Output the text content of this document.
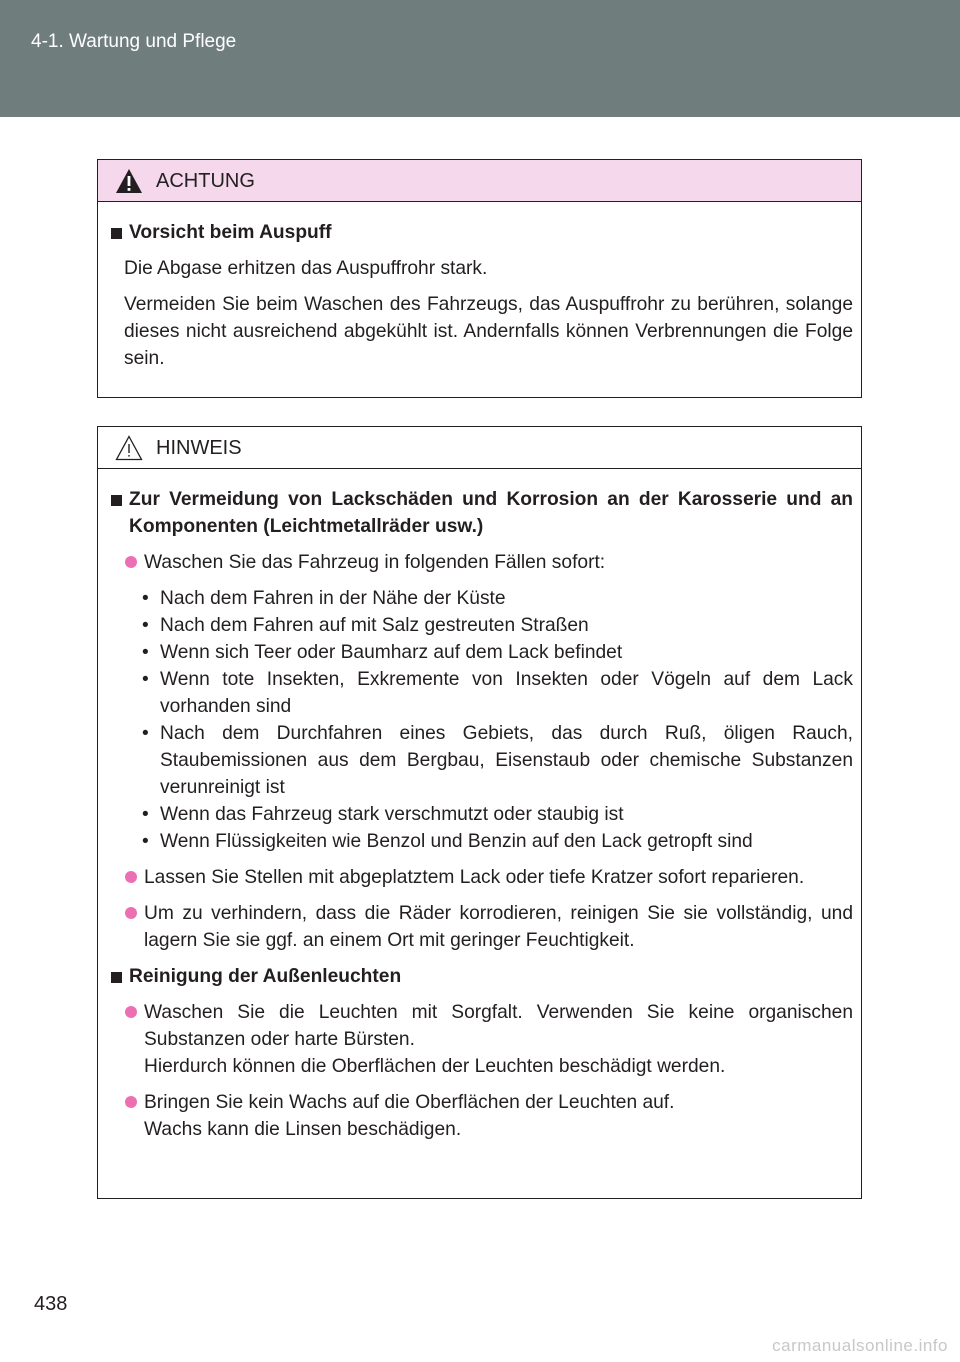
4-1. Wartung und Pflege
ACHTUNG
Vorsicht beim Auspuff
Die Abgase erhitzen das Auspuffrohr stark.
Vermeiden Sie beim Waschen des Fahrzeugs, das Auspuffrohr zu berühren, solange dieses nicht ausreichend abgekühlt ist. Andernfalls können Verbrennungen die Folge sein.
HINWEIS
Zur Vermeidung von Lackschäden und Korrosion an der Karosserie und an Komponenten (Leichtmetallräder usw.)
Waschen Sie das Fahrzeug in folgenden Fällen sofort:
• Nach dem Fahren in der Nähe der Küste
• Nach dem Fahren auf mit Salz gestreuten Straßen
• Wenn sich Teer oder Baumharz auf dem Lack befindet
• Wenn tote Insekten, Exkremente von Insekten oder Vögeln auf dem Lack vorhanden sind
• Nach dem Durchfahren eines Gebiets, das durch Ruß, öligen Rauch, Staubemissionen aus dem Bergbau, Eisenstaub oder chemische Substanzen verunreinigt ist
• Wenn das Fahrzeug stark verschmutzt oder staubig ist
• Wenn Flüssigkeiten wie Benzol und Benzin auf den Lack getropft sind
Lassen Sie Stellen mit abgeplatztem Lack oder tiefe Kratzer sofort reparieren.
Um zu verhindern, dass die Räder korrodieren, reinigen Sie sie vollständig, und lagern Sie sie ggf. an einem Ort mit geringer Feuchtigkeit.
Reinigung der Außenleuchten
Waschen Sie die Leuchten mit Sorgfalt. Verwenden Sie keine organischen Substanzen oder harte Bürsten.
Hierdurch können die Oberflächen der Leuchten beschädigt werden.
Bringen Sie kein Wachs auf die Oberflächen der Leuchten auf.
Wachs kann die Linsen beschädigen.
438
carmanualsonline.info
